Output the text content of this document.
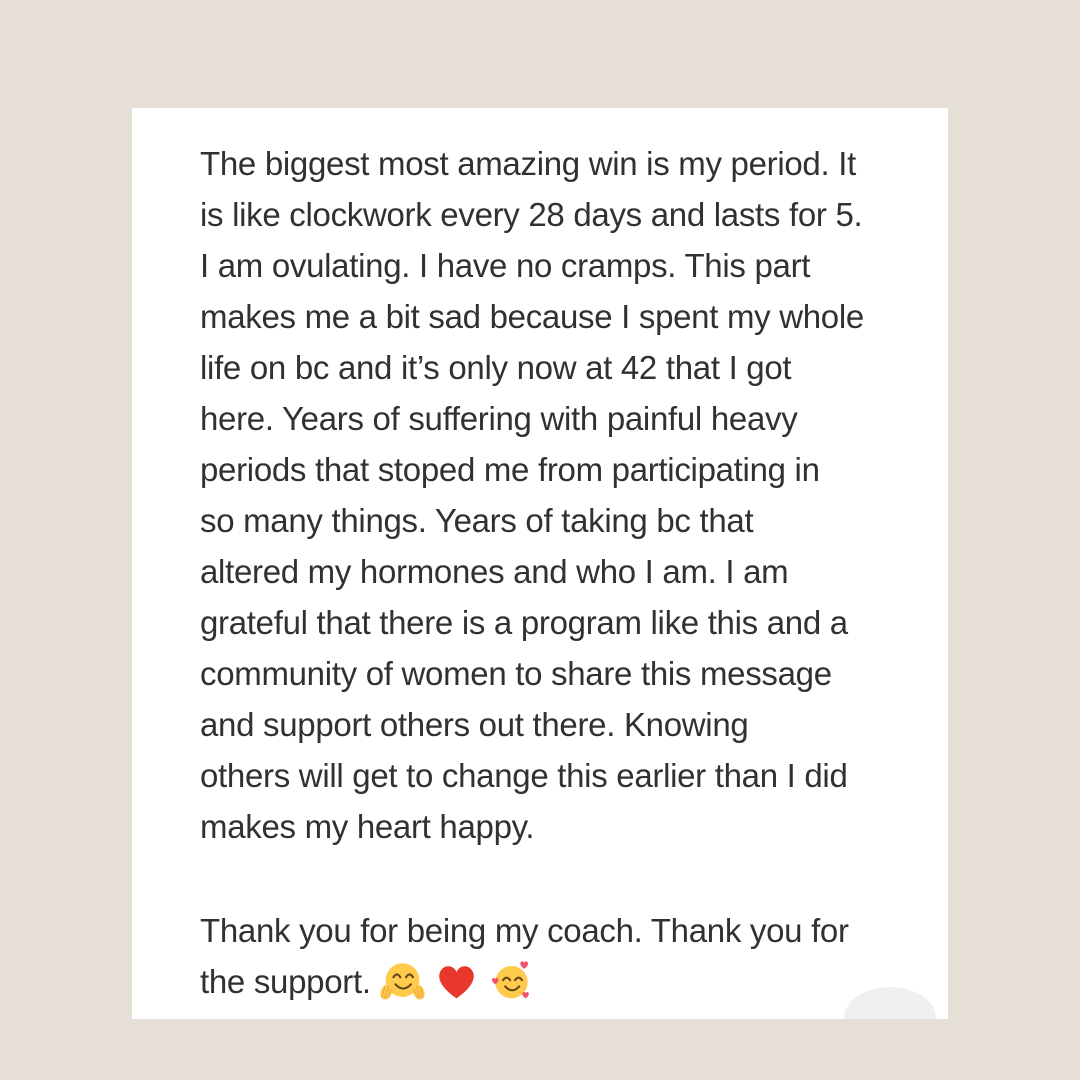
The biggest most amazing win is my period. It
is like clockwork every 28 days and lasts for 5.
I am ovulating. I have no cramps. This part
makes me a bit sad because I spent my whole
life on bc and it’s only now at 42 that I got
here. Years of suffering with painful heavy
periods that stoped me from participating in
so many things. Years of taking bc that
altered my hormones and who I am. I am
grateful that there is a program like this and a
community of women to share this message
and support others out there. Knowing
others will get to change this earlier than I did
makes my heart happy.
Thank you for being my coach. Thank you for
the support.
